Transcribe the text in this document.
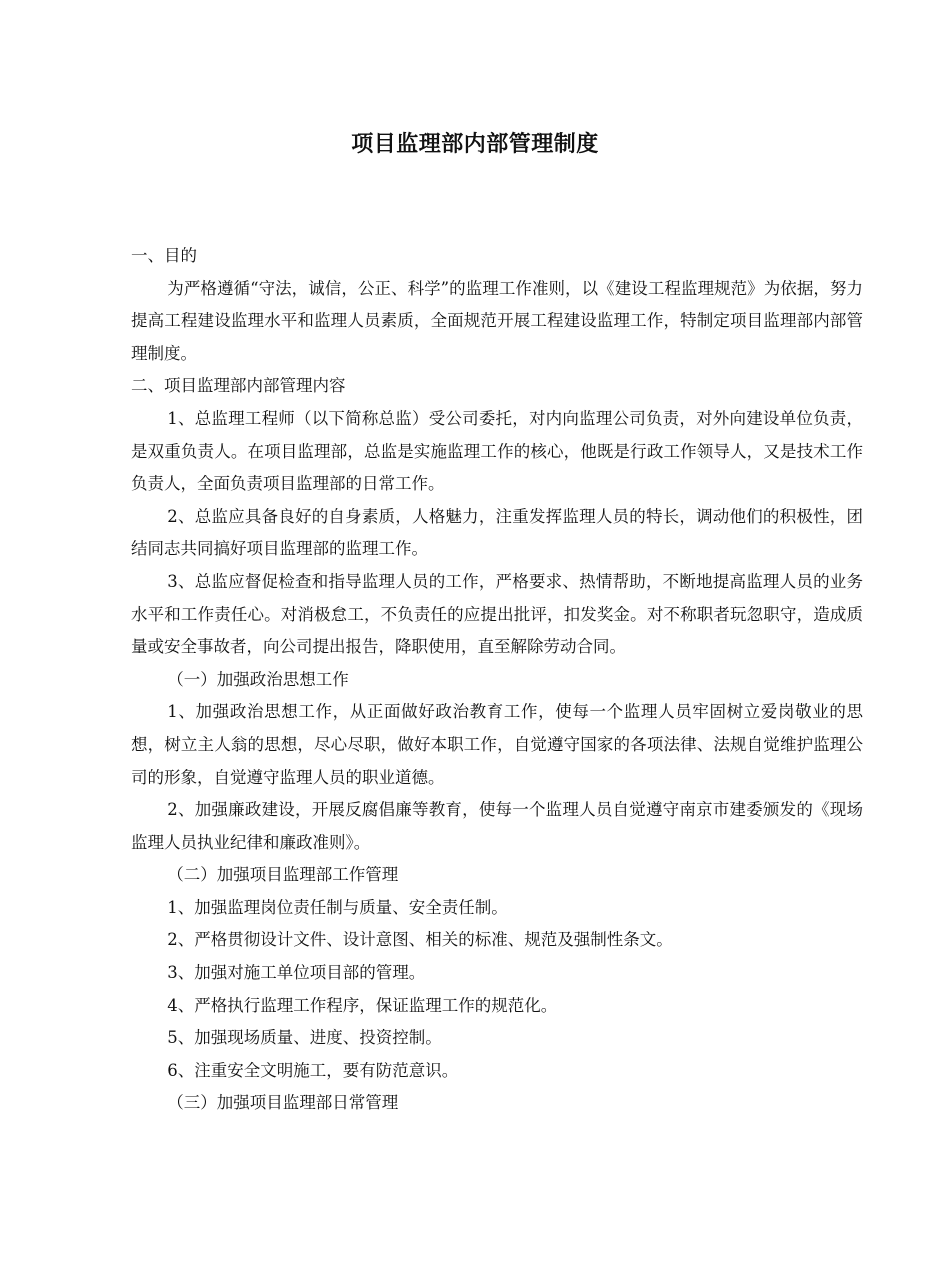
项目监理部内部管理制度

一、目的

为严格遵循“守法，诚信，公正、科学”的监理工作准则，以《建设工程监理规范》为依据，努力提高工程建设监理水平和监理人员素质，全面规范开展工程建设监理工作，特制定项目监理部内部管理制度。

二、项目监理部内部管理内容

1、总监理工程师（以下简称总监）受公司委托，对内向监理公司负责，对外向建设单位负责，是双重负责人。在项目监理部，总监是实施监理工作的核心，他既是行政工作领导人，又是技术工作负责人，全面负责项目监理部的日常工作。

2、总监应具备良好的自身素质，人格魅力，注重发挥监理人员的特长，调动他们的积极性，团结同志共同搞好项目监理部的监理工作。

3、总监应督促检查和指导监理人员的工作，严格要求、热情帮助，不断地提高监理人员的业务水平和工作责任心。对消极怠工，不负责任的应提出批评，扣发奖金。对不称职者玩忽职守，造成质量或安全事故者，向公司提出报告，降职使用，直至解除劳动合同。

（一）加强政治思想工作

1、加强政治思想工作，从正面做好政治教育工作，使每一个监理人员牢固树立爱岗敬业的思想，树立主人翁的思想，尽心尽职，做好本职工作，自觉遵守国家的各项法律、法规自觉维护监理公司的形象，自觉遵守监理人员的职业道德。

2、加强廉政建设，开展反腐倡廉等教育，使每一个监理人员自觉遵守南京市建委颁发的《现场监理人员执业纪律和廉政准则》。

（二）加强项目监理部工作管理

1、加强监理岗位责任制与质量、安全责任制。

2、严格贯彻设计文件、设计意图、相关的标准、规范及强制性条文。

3、加强对施工单位项目部的管理。

4、严格执行监理工作程序，保证监理工作的规范化。

5、加强现场质量、进度、投资控制。

6、注重安全文明施工，要有防范意识。

（三）加强项目监理部日常管理
